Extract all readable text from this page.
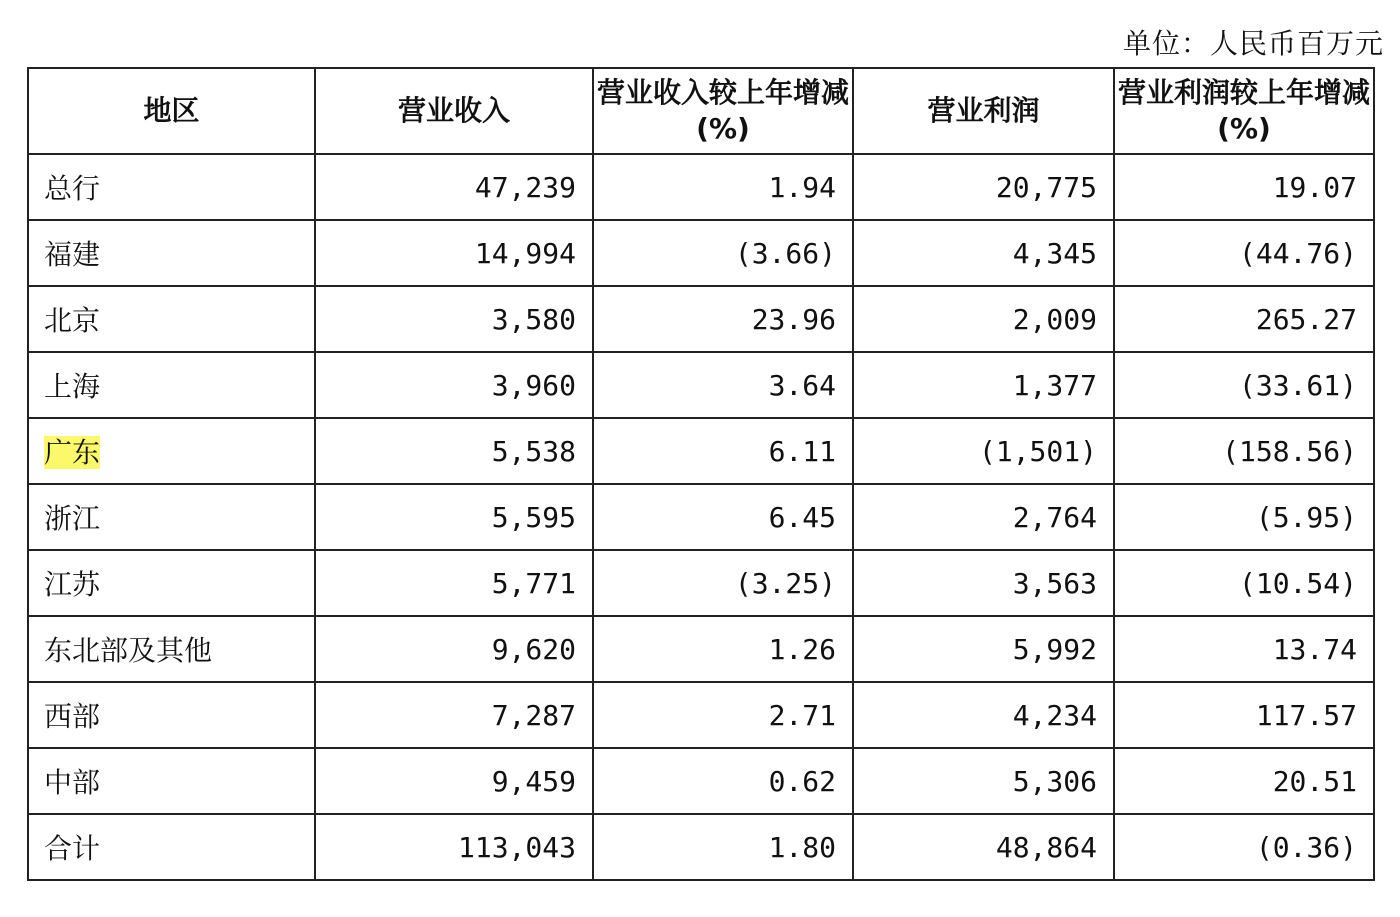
单位：人民币百万元
地区	营业收入	营业收入较上年增减(%)	营业利润	营业利润较上年增减(%)
总行	47,239	1.94	20,775	19.07
福建	14,994	(3.66)	4,345	(44.76)
北京	3,580	23.96	2,009	265.27
上海	3,960	3.64	1,377	(33.61)
广东	5,538	6.11	(1,501)	(158.56)
浙江	5,595	6.45	2,764	(5.95)
江苏	5,771	(3.25)	3,563	(10.54)
东北部及其他	9,620	1.26	5,992	13.74
西部	7,287	2.71	4,234	117.57
中部	9,459	0.62	5,306	20.51
合计	113,043	1.80	48,864	(0.36)
